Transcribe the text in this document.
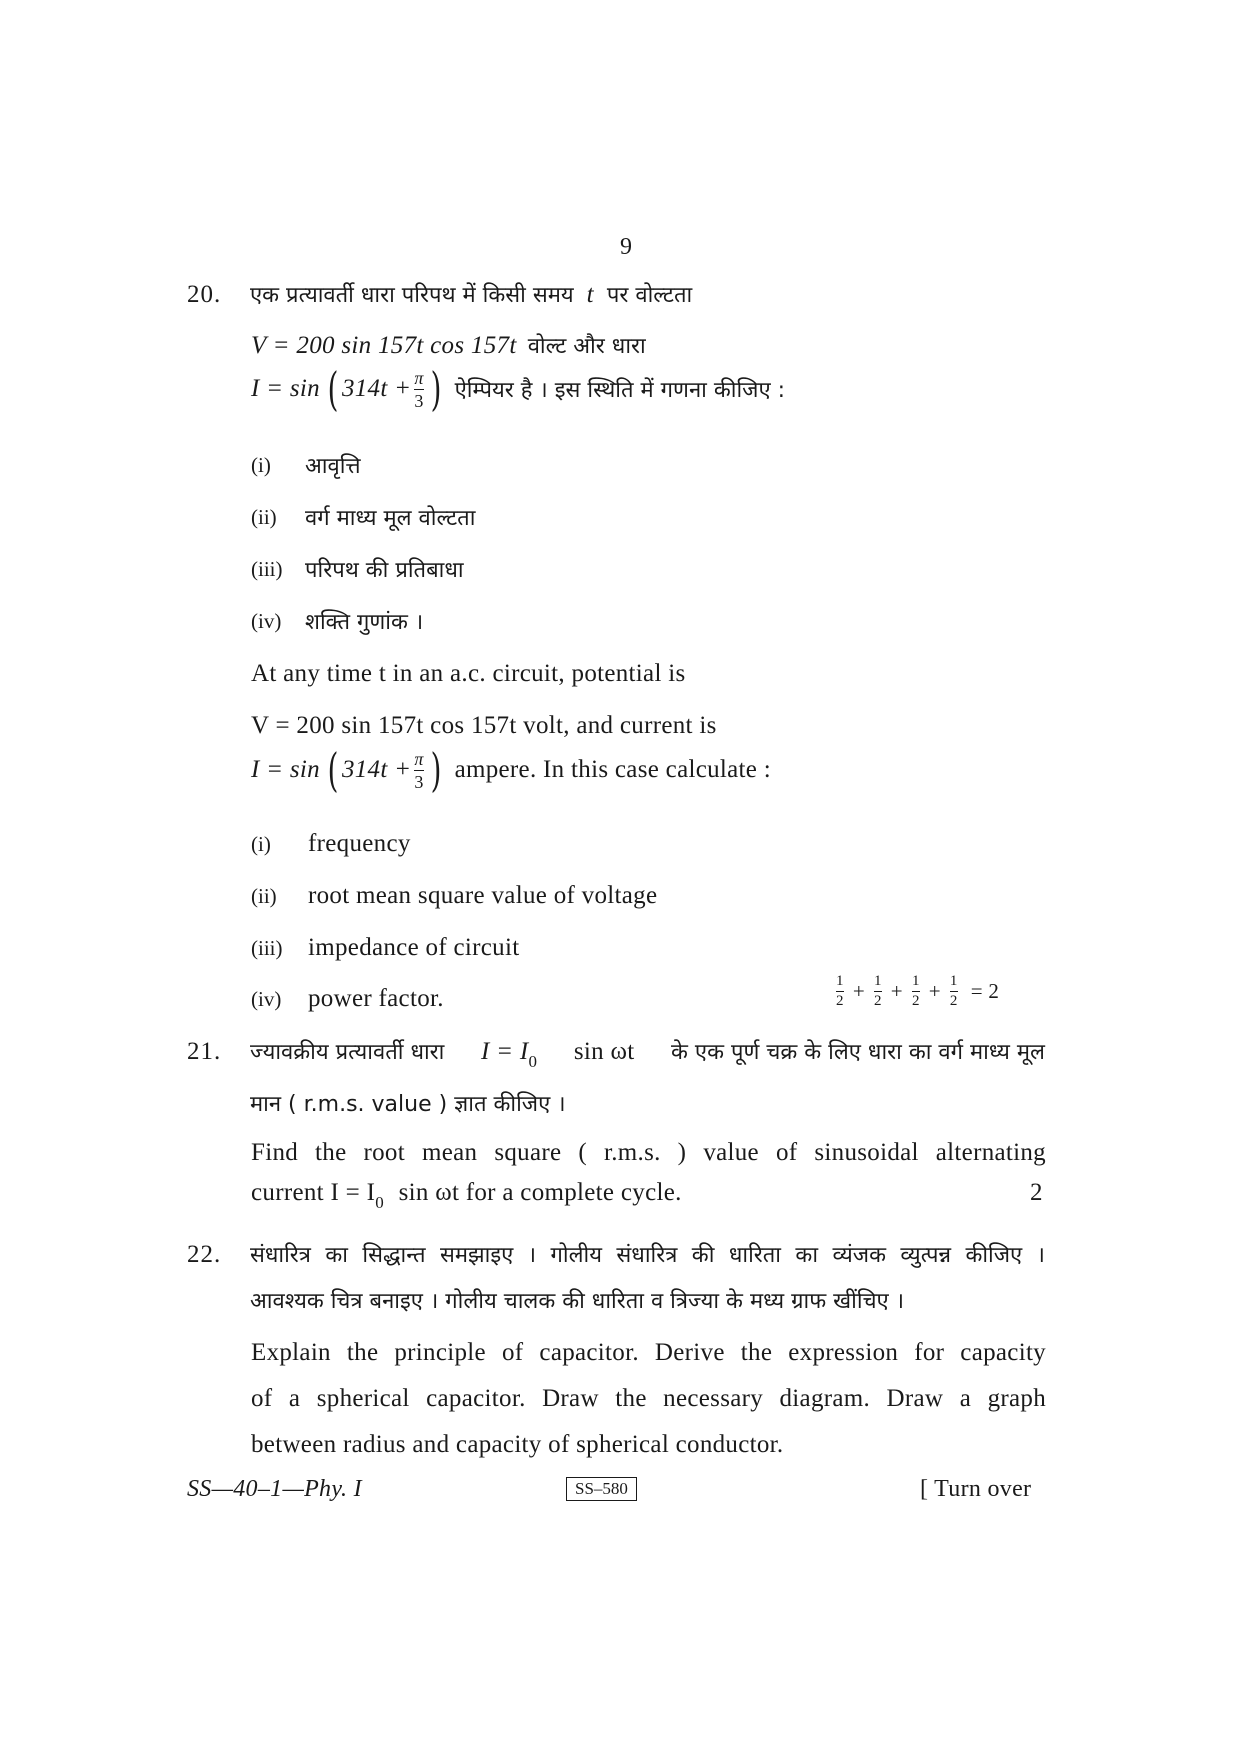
9
20. एक प्रत्यावर्ती धारा परिपथ में किसी समय t पर वोल्टता
V = 200 sin 157t cos 157t वोल्ट और धारा
I = sin ( $314t + \frac{\pi}{3}$ ) ऐम्पियर है । इस स्थिति में गणना कीजिए :
(i) आवृत्ति
(ii) वर्ग माध्य मूल वोल्टता
(iii) परिपथ की प्रतिबाधा
(iv) शक्ति गुणांक ।
At any time t in an a.c. circuit, potential is
V = 200 sin 157t cos 157t volt, and current is
I = sin ( $314t + \frac{\pi}{3}$ ) ampere. In this case calculate :
(i) frequency
(ii) root mean square value of voltage
(iii) impedance of circuit
(iv) power factor.	$\frac{1}{2} + \frac{1}{2} + \frac{1}{2} + \frac{1}{2} = 2$
21. ज्यावक्रीय प्रत्यावर्ती धारा $I = I_0$ sin ωt के एक पूर्ण चक्र के लिए धारा का वर्ग माध्य मूल
मान ( r.m.s. value ) ज्ञात कीजिए ।
Find the root mean square ( r.m.s. ) value of sinusoidal alternating
current $I = I_0$ sin ωt for a complete cycle.	2
22. संधारित्र का सिद्धान्त समझाइए । गोलीय संधारित्र की धारिता का व्यंजक व्युत्पन्न कीजिए ।
आवश्यक चित्र बनाइए । गोलीय चालक की धारिता व त्रिज्या के मध्य ग्राफ खींचिए ।
Explain the principle of capacitor. Derive the expression for capacity
of a spherical capacitor. Draw the necessary diagram. Draw a graph
between radius and capacity of spherical conductor.
SS—40–1—Phy. I	SS–580	[ Turn over
